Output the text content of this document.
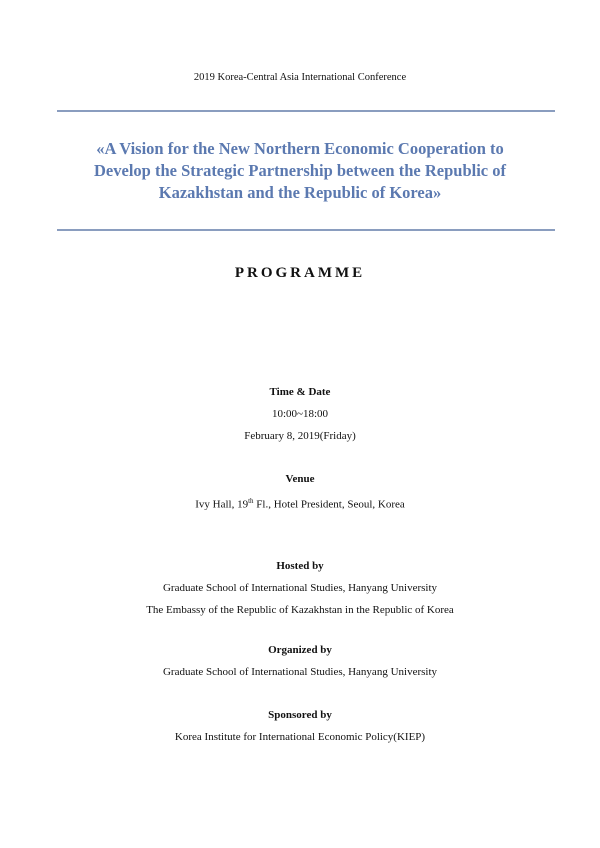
2019 Korea-Central Asia International Conference
«A Vision for the New Northern Economic Cooperation to
Develop the Strategic Partnership between the Republic of
Kazakhstan and the Republic of Korea»
PROGRAMME
Time & Date
10:00~18:00
February 8, 2019(Friday)
Venue
Ivy Hall, 19th Fl., Hotel President, Seoul, Korea
Hosted by
Graduate School of International Studies, Hanyang University
The Embassy of the Republic of Kazakhstan in the Republic of Korea
Organized by
Graduate School of International Studies, Hanyang University
Sponsored by
Korea Institute for International Economic Policy(KIEP)
